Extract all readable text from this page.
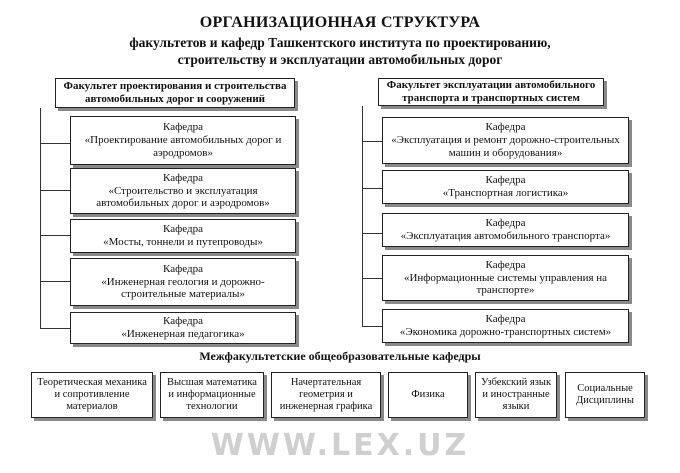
ОРГАНИЗАЦИОННАЯ СТРУКТУРА
факультетов и кафедр Ташкентского института по проектированию,
строительству и эксплуатации автомобильных дорог
Факультет проектирования и строительства
автомобильных дорог и сооружений
Кафедра
«Проектирование автомобильных дорог и
аэродромов»
Кафедра
«Строительство и эксплуатация
автомобильных дорог и аэродромов»
Кафедра
«Мосты, тоннели и путепроводы»
Кафедра
«Инженерная геология и дорожно-
строительные материалы»
Кафедра
«Инженерная педагогика»
Факультет эксплуатации автомобильного
транспорта и транспортных систем
Кафедра
«Эксплуатация и ремонт дорожно-строительных
машин и оборудования»
Кафедра
«Транспортная логистика»
Кафедра
«Эксплуатация автомобильного транспорта»
Кафедра
«Информационные системы управления на
транспорте»
Кафедра
«Экономика дорожно-транспортных систем»
Межфакультетские общеобразовательные кафедры
Теоретическая механика
и сопротивление
материалов
Высшая математика
и информационные
технологии
Начертательная
геометрия и
инженерная графика
Физика
Узбекский язык
и иностранные
языки
Социальные
Дисциплины
WWW.LEX.UZ
